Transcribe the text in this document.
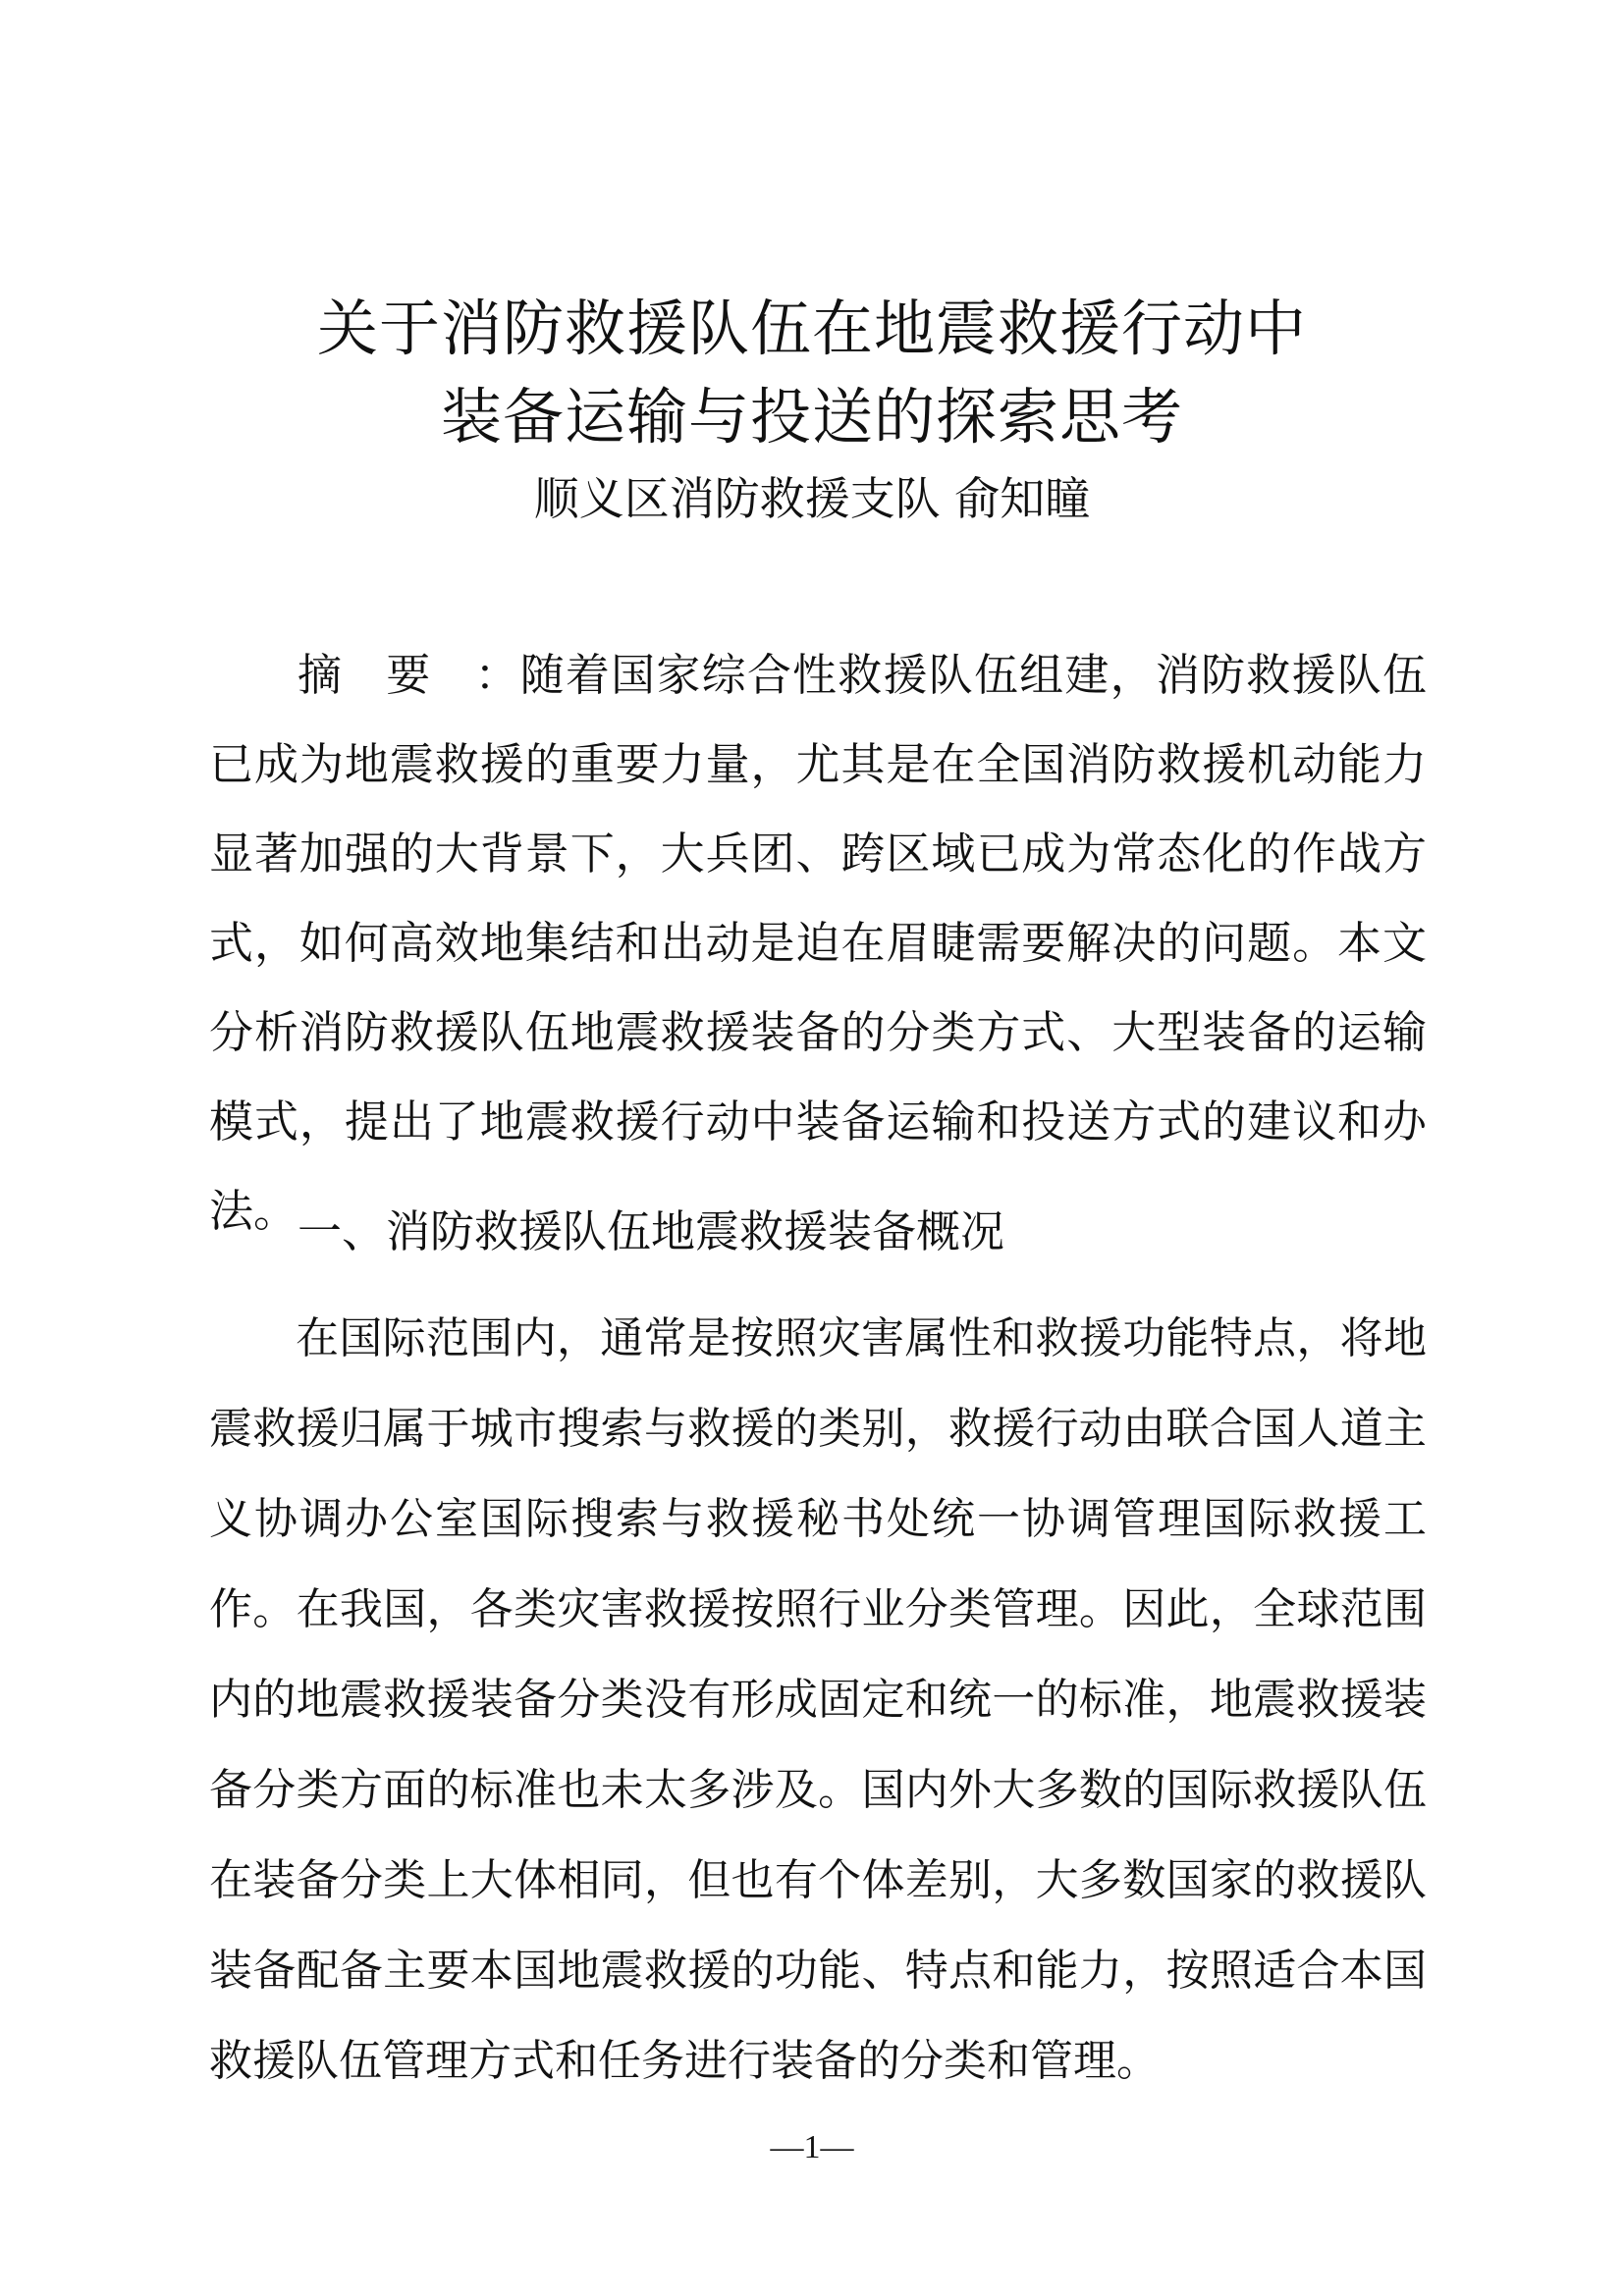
关于消防救援队伍在地震救援行动中
装备运输与投送的探索思考
顺义区消防救援支队 俞知瞳
摘要：随着国家综合性救援队伍组建，消防救援队伍已成为地震救援的重要力量，尤其是在全国消防救援机动能力显著加强的大背景下，大兵团、跨区域已成为常态化的作战方式，如何高效地集结和出动是迫在眉睫需要解决的问题。本文分析消防救援队伍地震救援装备的分类方式、大型装备的运输模式，提出了地震救援行动中装备运输和投送方式的建议和办法。 一、消防救援队伍地震救援装备概况
在国际范围内，通常是按照灾害属性和救援功能特点，将地震救援归属于城市搜索与救援的类别，救援行动由联合国人道主义协调办公室国际搜索与救援秘书处统一协调管理国际救援工作。在我国，各类灾害救援按照行业分类管理。因此，全球范围内的地震救援装备分类没有形成固定和统一的标准，地震救援装备分类方面的标准也未太多涉及。国内外大多数的国际救援队伍在装备分类上大体相同，但也有个体差别，大多数国家的救援队装备配备主要本国地震救援的功能、特点和能力，按照适合本国救援队伍管理方式和任务进行装备的分类和管理。
—1—
